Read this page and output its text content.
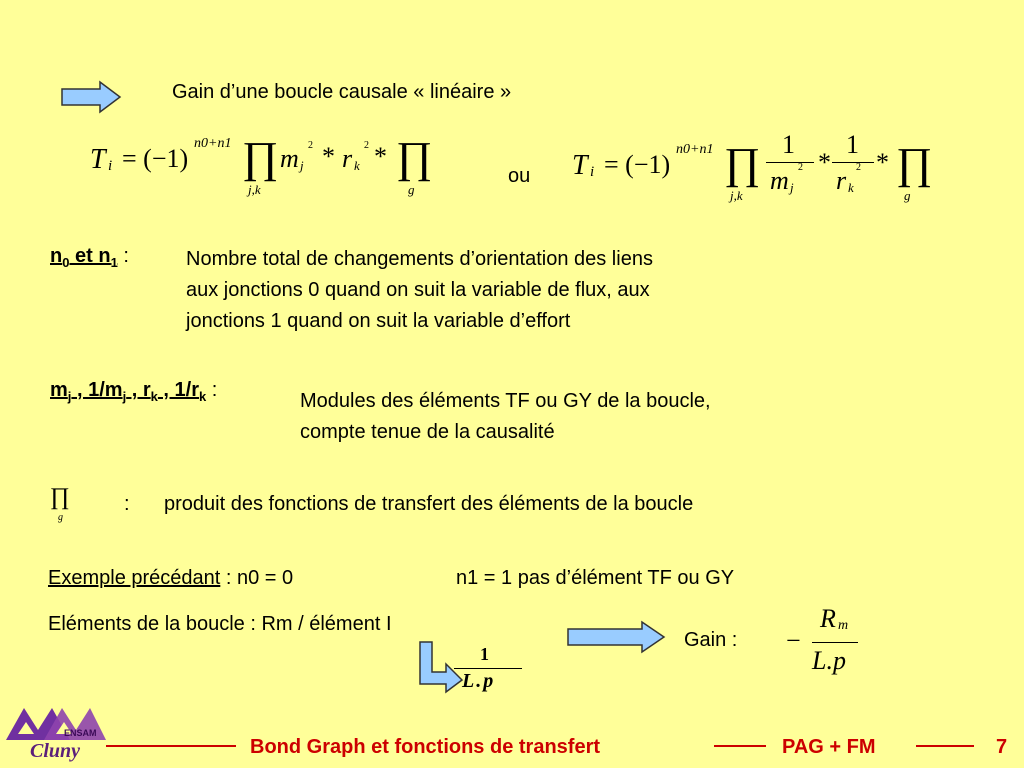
Gain d’une boucle causale « linéaire »
T i = (−1)
n0+n1 ∏
j,k
m j
2 * r k
2 * ∏
g
ou T i = (−1)
n0+n1 ∏
j,k
1
m j
2 *
1
r k
2 * ∏
g
$n_0$ et $n_1$ :	Nombre total de changements d’orientation des liens
aux jonctions 0 quand on suit la variable de flux, aux
jonctions 1 quand on suit la variable d’effort
$m_j$ , $1/m_j$ , $r_k$ , $1/r_k$ :	Modules des éléments TF ou GY de la boucle,
compte tenue de la causalité
∏
g
: produit des fonctions de transfert des éléments de la boucle
Exemple précédant : n0 = 0	n1 = 1 pas d’élément TF ou GY
Eléments de la boucle : Rm / élément I
Gain : −
R m
L.p
1
L.p
ENSAM
Cluny	Bond Graph et fonctions de transfert	PAG + FM	7
